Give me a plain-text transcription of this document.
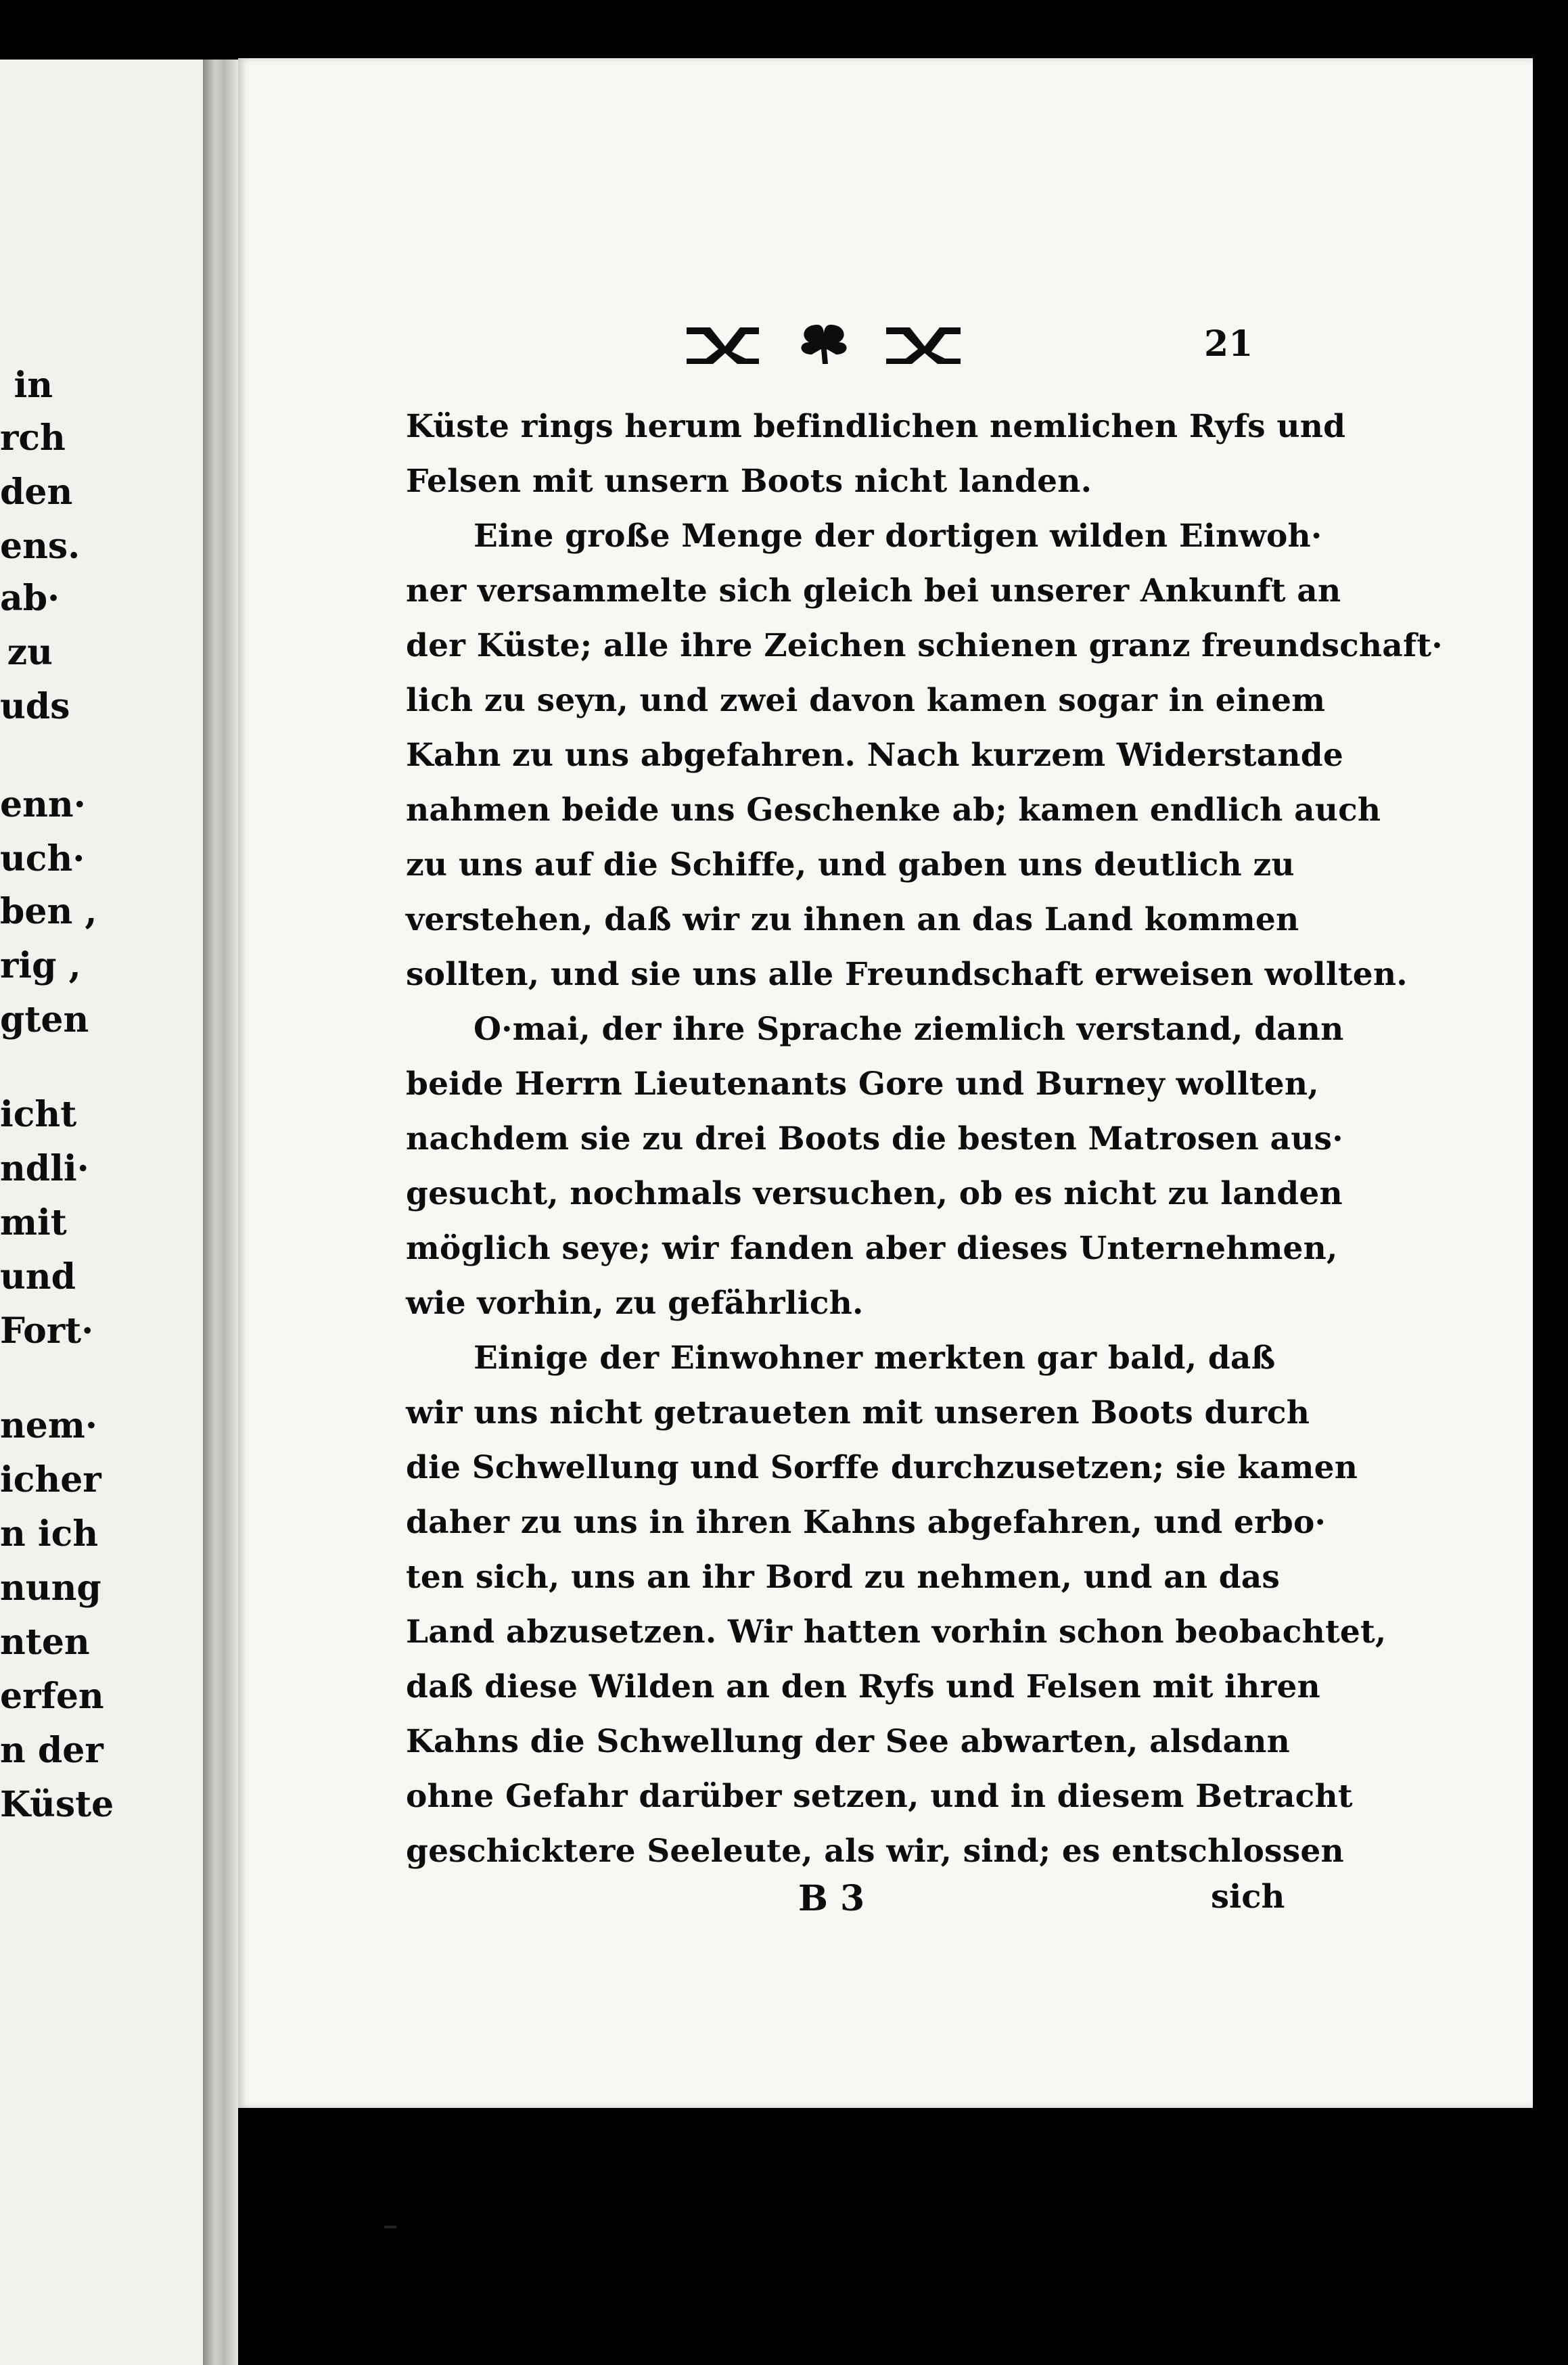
in
rch
den
ens.
ab·
zu
uds
enn·
uch·
ben ,
rig ,
gten
icht
ndli·
mit
und
Fort·
nem·
icher
n ich
nung
nten
erfen
n der
Küste
21
Küste rings herum befindlichen nemlichen Ryfs und
Felsen mit unsern Boots nicht landen.
Eine große Menge der dortigen wilden Einwoh·
ner versammelte sich gleich bei unserer Ankunft an
der Küste; alle ihre Zeichen schienen granz freundschaft·
lich zu seyn, und zwei davon kamen sogar in einem
Kahn zu uns abgefahren. Nach kurzem Widerstande
nahmen beide uns Geschenke ab; kamen endlich auch
zu uns auf die Schiffe, und gaben uns deutlich zu
verstehen, daß wir zu ihnen an das Land kommen
sollten, und sie uns alle Freundschaft erweisen wollten.
O·mai, der ihre Sprache ziemlich verstand, dann
beide Herrn Lieutenants Gore und Burney wollten,
nachdem sie zu drei Boots die besten Matrosen aus·
gesucht, nochmals versuchen, ob es nicht zu landen
möglich seye; wir fanden aber dieses Unternehmen,
wie vorhin, zu gefährlich.
Einige der Einwohner merkten gar bald, daß
wir uns nicht getraueten mit unseren Boots durch
die Schwellung und Sorffe durchzusetzen; sie kamen
daher zu uns in ihren Kahns abgefahren, und erbo·
ten sich, uns an ihr Bord zu nehmen, und an das
Land abzusetzen. Wir hatten vorhin schon beobachtet,
daß diese Wilden an den Ryfs und Felsen mit ihren
Kahns die Schwellung der See abwarten, alsdann
ohne Gefahr darüber setzen, und in diesem Betracht
geschicktere Seeleute, als wir, sind; es entschlossen
B 3	sich
